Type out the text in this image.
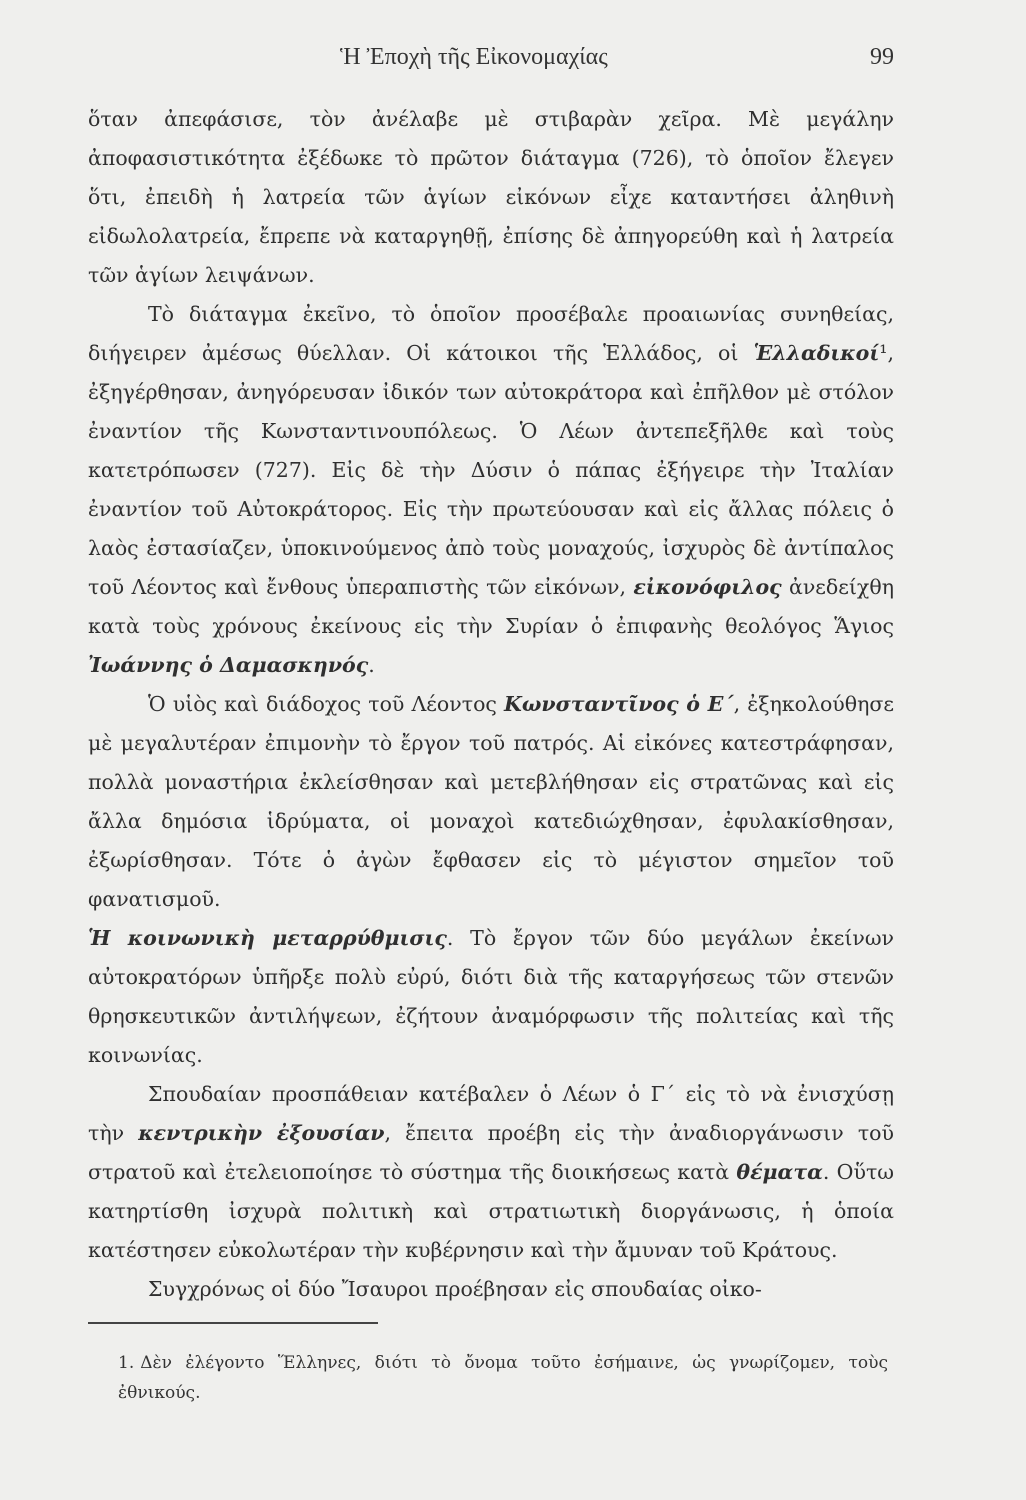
Ἡ Ἐποχὴ τῆς Εἰκονομαχίας	99

ὅταν ἀπεφάσισε, τὸν ἀνέλαβε μὲ στιβαρὰν χεῖρα. Μὲ μεγάλην ἀποφασιστικότητα ἐξέδωκε τὸ πρῶτον διάταγμα (726), τὸ ὁποῖον ἔλεγεν ὅτι, ἐπειδὴ ἡ λατρεία τῶν ἁγίων εἰκόνων εἶχε καταντήσει ἀληθινὴ εἰδωλολατρεία, ἔπρεπε νὰ καταργηθῇ, ἐπίσης δὲ ἀπηγορεύθη καὶ ἡ λατρεία τῶν ἁγίων λειψάνων.

Τὸ διάταγμα ἐκεῖνο, τὸ ὁποῖον προσέβαλε προαιωνίας συνηθείας, διήγειρεν ἀμέσως θύελλαν. Οἱ κάτοικοι τῆς Ἑλλάδος, οἱ Ἑλλαδικοί¹, ἐξηγέρθησαν, ἀνηγόρευσαν ἰδικόν των αὐτοκράτορα καὶ ἐπῆλθον μὲ στόλον ἐναντίον τῆς Κωνσταντινουπόλεως. Ὁ Λέων ἀντεπεξῆλθε καὶ τοὺς κατετρόπωσεν (727). Εἰς δὲ τὴν Δύσιν ὁ πάπας ἐξήγειρε τὴν Ἰταλίαν ἐναντίον τοῦ Αὐτοκράτορος. Εἰς τὴν πρωτεύουσαν καὶ εἰς ἄλλας πόλεις ὁ λαὸς ἐστασίαζεν, ὑποκινούμενος ἀπὸ τοὺς μοναχούς, ἰσχυρὸς δὲ ἀντίπαλος τοῦ Λέοντος καὶ ἔνθους ὑπεραπιστὴς τῶν εἰκόνων, εἰκονόφιλος ἀνεδείχθη κατὰ τοὺς χρόνους ἐκείνους εἰς τὴν Συρίαν ὁ ἐπιφανὴς θεολόγος Ἅγιος Ἰωάννης ὁ Δαμασκηνός.

Ὁ υἱὸς καὶ διάδοχος τοῦ Λέοντος Κωνσταντῖνος ὁ Ε΄, ἐξηκολούθησε μὲ μεγαλυτέραν ἐπιμονὴν τὸ ἔργον τοῦ πατρός. Αἱ εἰκόνες κατεστράφησαν, πολλὰ μοναστήρια ἐκλείσθησαν καὶ μετεβλήθησαν εἰς στρατῶνας καὶ εἰς ἄλλα δημόσια ἱδρύματα, οἱ μοναχοὶ κατεδιώχθησαν, ἐφυλακίσθησαν, ἐξωρίσθησαν. Τότε ὁ ἀγὼν ἔφθασεν εἰς τὸ μέγιστον σημεῖον τοῦ φανατισμοῦ.

Ἡ κοινωνικὴ μεταρρύθμισις. Τὸ ἔργον τῶν δύο μεγάλων ἐκείνων αὐτοκρατόρων ὑπῆρξε πολὺ εὐρύ, διότι διὰ τῆς καταργήσεως τῶν στενῶν θρησκευτικῶν ἀντιλήψεων, ἐζήτουν ἀναμόρφωσιν τῆς πολιτείας καὶ τῆς κοινωνίας.

Σπουδαίαν προσπάθειαν κατέβαλεν ὁ Λέων ὁ Γ΄ εἰς τὸ νὰ ἐνισχύσῃ τὴν κεντρικὴν ἐξουσίαν, ἔπειτα προέβη εἰς τὴν ἀναδιοργάνωσιν τοῦ στρατοῦ καὶ ἐτελειοποίησε τὸ σύστημα τῆς διοικήσεως κατὰ θέματα. Οὕτω κατηρτίσθη ἰσχυρὰ πολιτικὴ καὶ στρατιωτικὴ διοργάνωσις, ἡ ὁποία κατέστησεν εὐκολωτέραν τὴν κυβέρνησιν καὶ τὴν ἄμυναν τοῦ Κράτους.

Συγχρόνως οἱ δύο Ἴσαυροι προέβησαν εἰς σπουδαίας οἰκο-

1. Δὲν ἐλέγοντο Ἕλληνες, διότι τὸ ὄνομα τοῦτο ἐσήμαινε, ὡς γνωρίζομεν, τοὺς ἐθνικούς.
